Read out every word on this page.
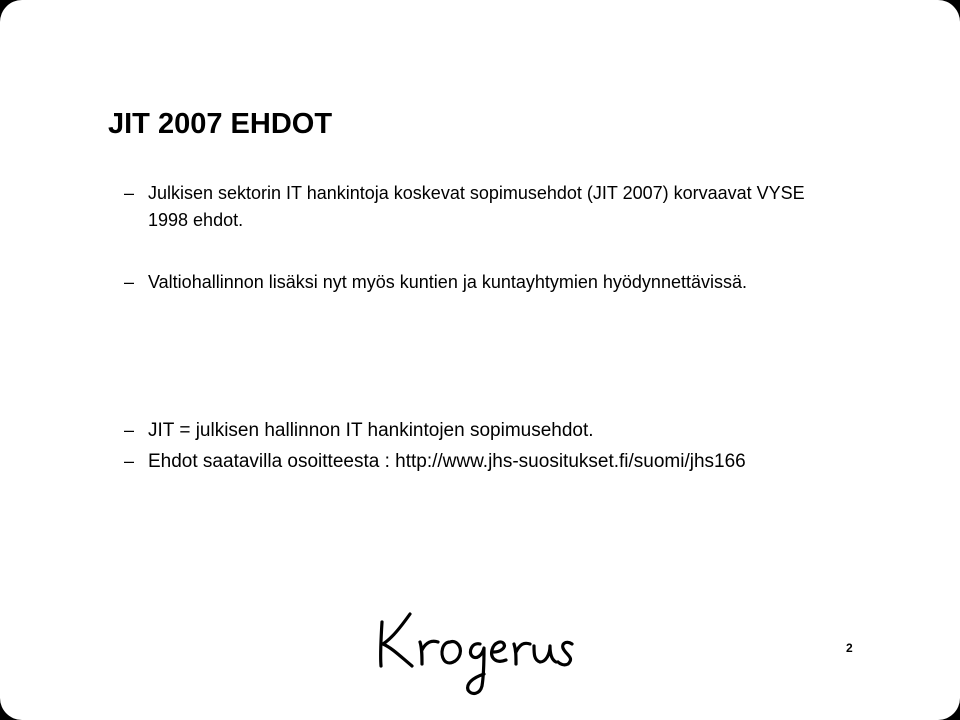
JIT 2007 EHDOT
– Julkisen sektorin IT hankintoja koskevat sopimusehdot (JIT 2007) korvaavat VYSE 1998 ehdot.
– Valtiohallinnon lisäksi nyt myös kuntien ja kuntayhtymien hyödynnettävissä.
– JIT = julkisen hallinnon IT hankintojen sopimusehdot.
– Ehdot saatavilla osoitteesta : http://www.jhs-suositukset.fi/suomi/jhs166
2
